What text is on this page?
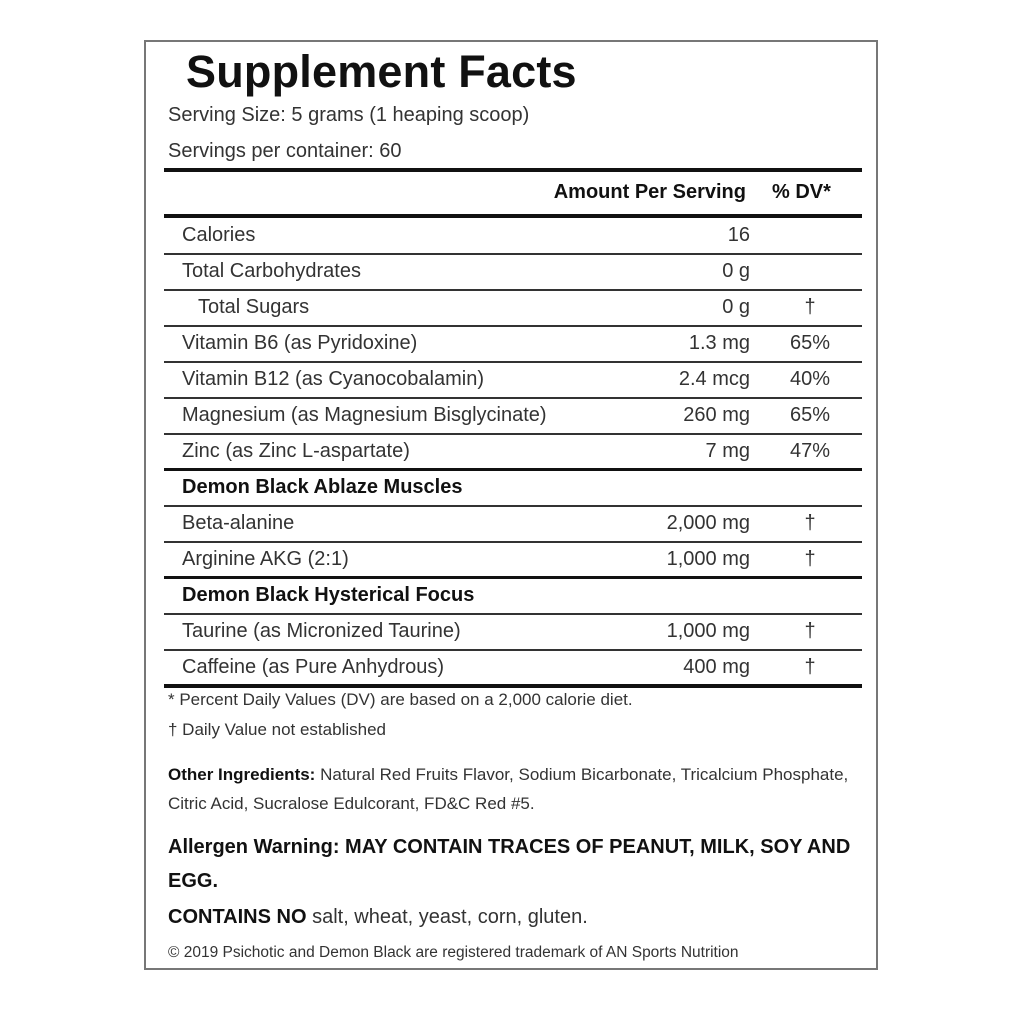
Supplement Facts
Serving Size: 5 grams (1 heaping scoop)
Servings per container: 60
Amount Per Serving % DV*
Calories	16
Total Carbohydrates	0 g
Total Sugars	0 g	†
Vitamin B6 (as Pyridoxine)	1.3 mg	65%
Vitamin B12 (as Cyanocobalamin)	2.4 mcg	40%
Magnesium (as Magnesium Bisglycinate)	260 mg	65%
Zinc (as Zinc L-aspartate)	7 mg	47%
Demon Black Ablaze Muscles
Beta-alanine	2,000 mg	†
Arginine AKG (2:1)	1,000 mg	†
Demon Black Hysterical Focus
Taurine (as Micronized Taurine)	1,000 mg	†
Caffeine (as Pure Anhydrous)	400 mg	†
* Percent Daily Values (DV) are based on a 2,000 calorie diet.
† Daily Value not established
Other Ingredients: Natural Red Fruits Flavor, Sodium Bicarbonate, Tricalcium Phosphate, Citric Acid, Sucralose Edulcorant, FD&C Red #5.
Allergen Warning: MAY CONTAIN TRACES OF PEANUT, MILK, SOY AND EGG.
CONTAINS NO salt, wheat, yeast, corn, gluten.
© 2019 Psichotic and Demon Black are registered trademark of AN Sports Nutrition
